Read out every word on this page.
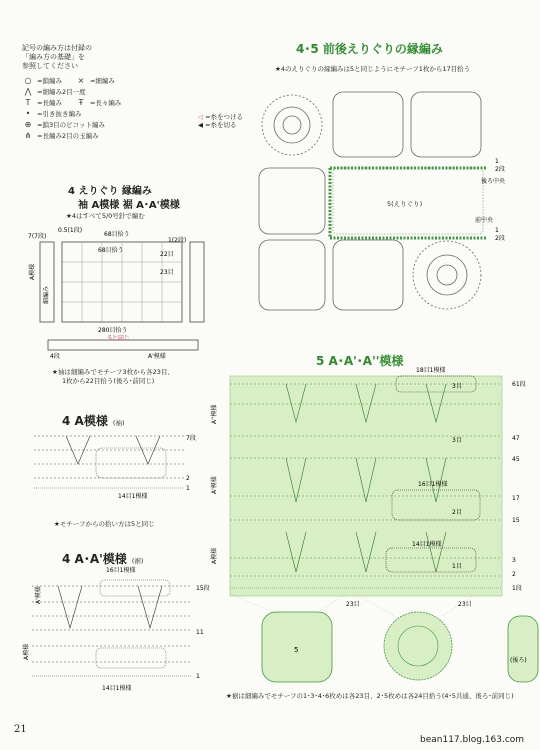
記号の編み方は付録の
「編み方の基礎」を
参照してください
○ =鎖編み	× =細編み
⋀ =細編み2目一度
T	=長編み	Ŧ	=長々編み
•	=引き抜き編み
⊕ =鎖3目のピコット編み
⋔ =長編み2目の玉編み
◁ =糸をつける
◀ =糸を切る
4･5 前後えりぐりの縁編み
★4のえりぐりの縁編みは5と同じようにモチーフ1枚から17目拾う
5(えりぐり)
1
2段
後ろ中央
前中央
1
2段
4 えりぐり 縁編み
袖 A模様 裾 A･A'模様
★4はすべて5/0号針で編む
7(7段)
0.5(1段)
68目拾う
68目拾う
1(2段)
22目
23目
A模様
細編み
280目拾う
5と同じ
4段	A'模様
★袖は細編みでモチーフ3枚から各23目、
1枚から22目拾う(後ろ･前同じ)
4 A模様 (袖)
7段
2
1
14目1模様
★モチーフからの拾い方は5と同じ
4 A･A'模様 (裾)
16目1模様
15段
11
1
A'模様
A模様
14目1模様
5 A･A'･A''模様
18目1模様
3目
3目
16目1模様
2目
14目1模様
1目
61段
47
45
17
15
3
2
1段
23目	23目
A''模様
A'模様
A模様
5
(後ろ)
★裾は細編みでモチーフの1･3･4･6枚めは各23目、2･5枚めは各24目拾う(4･5共通、後ろ･前同じ)
21
bean117.blog.163.com
